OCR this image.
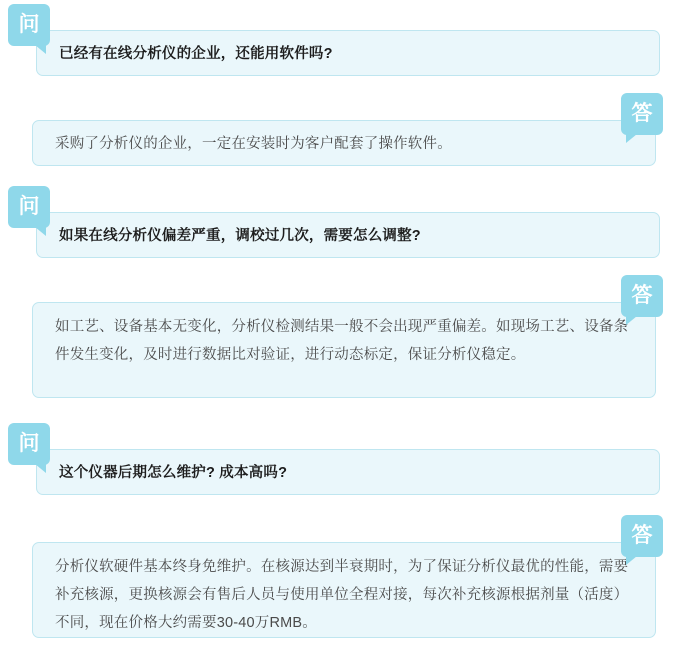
问
已经有在线分析仪的企业，还能用软件吗?
答
采购了分析仪的企业，一定在安装时为客户配套了操作软件。
问
如果在线分析仪偏差严重，调校过几次，需要怎么调整?
答
如工艺、设备基本无变化，分析仪检测结果一般不会出现严重偏差。如现场工艺、设备条件发生变化，及时进行数据比对验证，进行动态标定，保证分析仪稳定。
问
这个仪器后期怎么维护? 成本高吗?
答
分析仪软硬件基本终身免维护。在核源达到半衰期时，为了保证分析仪最优的性能，需要补充核源，更换核源会有售后人员与使用单位全程对接，每次补充核源根据剂量（活度）不同，现在价格大约需要30-40万RMB。
